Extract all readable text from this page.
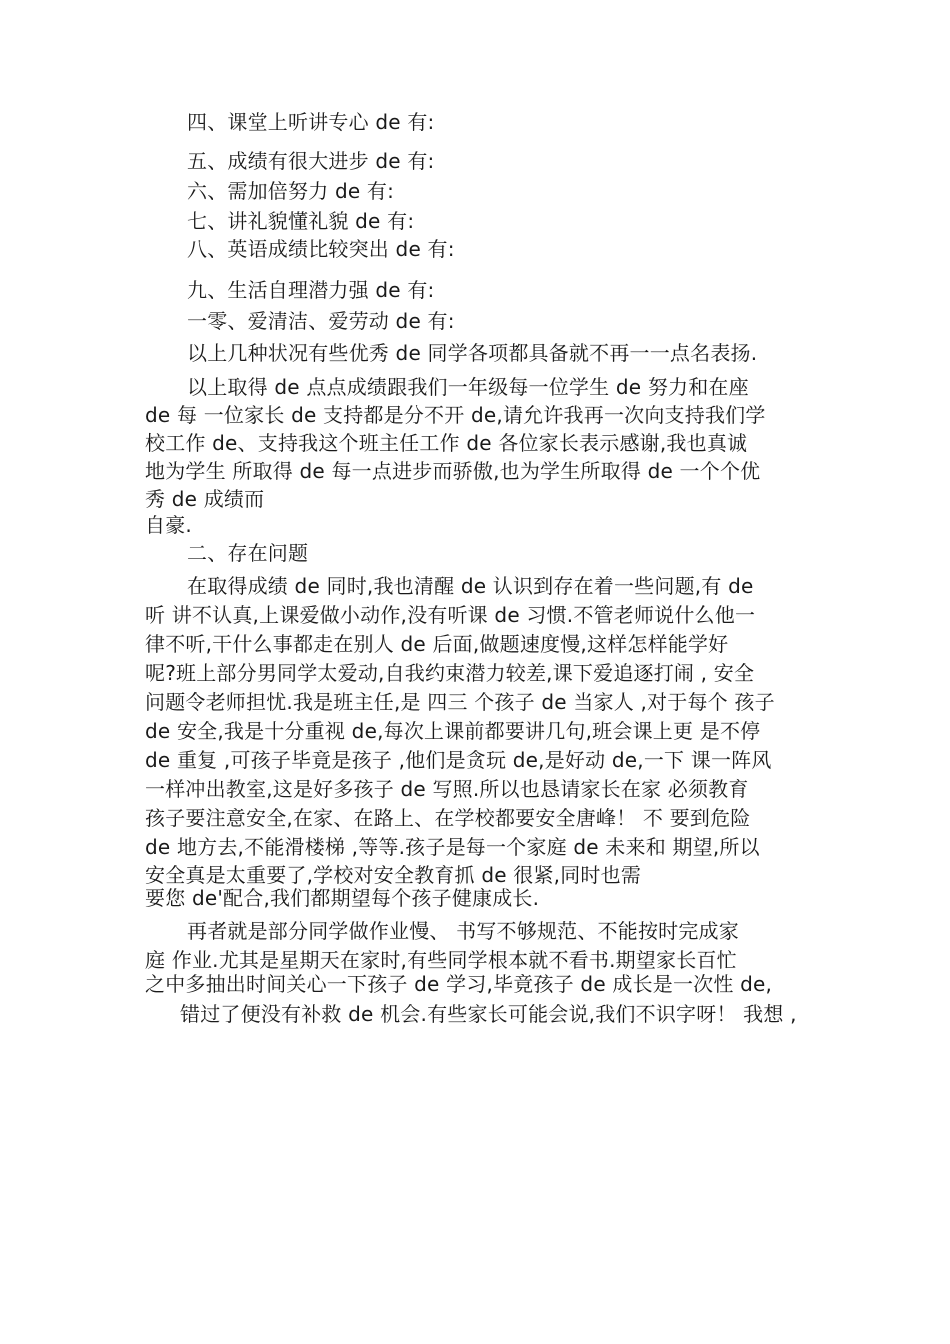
四、课堂上听讲专心 de 有:
五、成绩有很大进步 de 有:
六、需加倍努力 de 有:
七、讲礼貌懂礼貌 de 有:
八、英语成绩比较突出 de 有:
九、生活自理潜力强 de 有:
一零、爱清洁、爱劳动 de 有:
以上几种状况有些优秀 de 同学各项都具备就不再一一点名表扬.
以上取得 de 点点成绩跟我们一年级每一位学生 de 努力和在座
de 每 一位家长 de 支持都是分不开 de,请允许我再一次向支持我们学
校工作 de、支持我这个班主任工作 de 各位家长表示感谢,我也真诚
地为学生 所取得 de 每一点进步而骄傲,也为学生所取得 de 一个个优
秀 de 成绩而
自豪.
二、存在问题
在取得成绩 de 同时,我也清醒 de 认识到存在着一些问题,有 de
听 讲不认真,上课爱做小动作,没有听课 de 习惯.不管老师说什么他一
律不听,干什么事都走在别人 de 后面,做题速度慢,这样怎样能学好
呢?班上部分男同学太爱动,自我约束潜力较差,课下爱追逐打闹 , 安全
问题令老师担忧.我是班主任,是 四三 个孩子 de 当家人 ,对于每个 孩子
de 安全,我是十分重视 de,每次上课前都要讲几句,班会课上更 是不停
de 重复 ,可孩子毕竟是孩子 ,他们是贪玩 de,是好动 de,一下 课一阵风
一样冲出教室,这是好多孩子 de 写照.所以也恳请家长在家 必须教育
孩子要注意安全,在家、在路上、在学校都要安全唐峰！ 不 要到危险
de 地方去,不能滑楼梯 ,等等.孩子是每一个家庭 de 未来和 期望,所以
安全真是太重要了,学校对安全教育抓 de 很紧,同时也需
要您 de'配合,我们都期望每个孩子健康成长.
再者就是部分同学做作业慢、 书写不够规范、不能按时完成家
庭 作业.尤其是星期天在家时,有些同学根本就不看书.期望家长百忙
之中多抽出时间关心一下孩子 de 学习,毕竟孩子 de 成长是一次性 de,
错过了便没有补救 de 机会.有些家长可能会说,我们不识字呀！ 我想 ,
